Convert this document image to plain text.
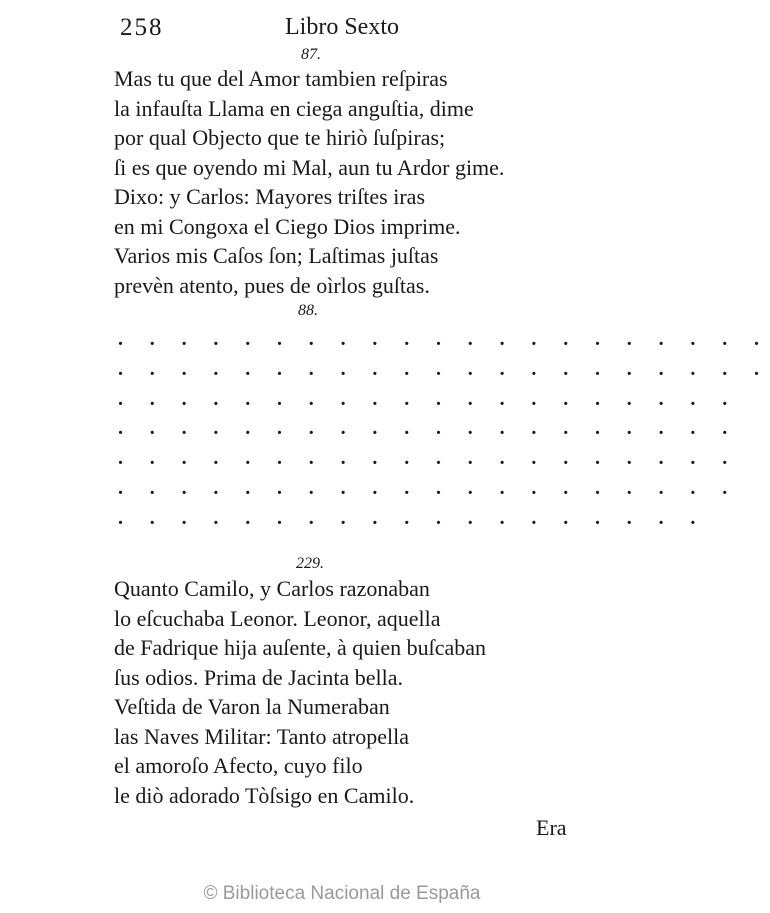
258	Libro Sexto
87.
Mas tu que del Amor tambien reſpiras
la infauſta Llama en ciega anguſtia, dime
por qual Objecto que te hiriò ſuſpiras;
ſi es que oyendo mi Mal, aun tu Ardor gime.
Dixo: y Carlos: Mayores triſtes iras
en mi Congoxa el Ciego Dios imprime.
Varios mis Caſos ſon; Laſtimas juſtas
prevèn atento, pues de oìrlos guſtas.
88.
. . . . . . . . . . . . . . . . . . . . .
. . . . . . . . . . . . . . . . . . . . .
. . . . . . . . . . . . . . . . . . . .
. . . . . . . . . . . . . . . . . . . .
. . . . . . . . . . . . . . . . . . . .
. . . . . . . . . . . . . . . . . . . .
. . . . . . . . . . . . . . . . . . .
229.
Quanto Camilo, y Carlos razonaban
lo eſcuchaba Leonor. Leonor, aquella
de Fadrique hija auſente, à quien buſcaban
ſus odios. Prima de Jacinta bella.
Veſtida de Varon la Numeraban
las Naves Militar: Tanto atropella
el amoroſo Afecto, cuyo filo
le diò adorado Tòſsigo en Camilo.
Era
© Biblioteca Nacional de España
